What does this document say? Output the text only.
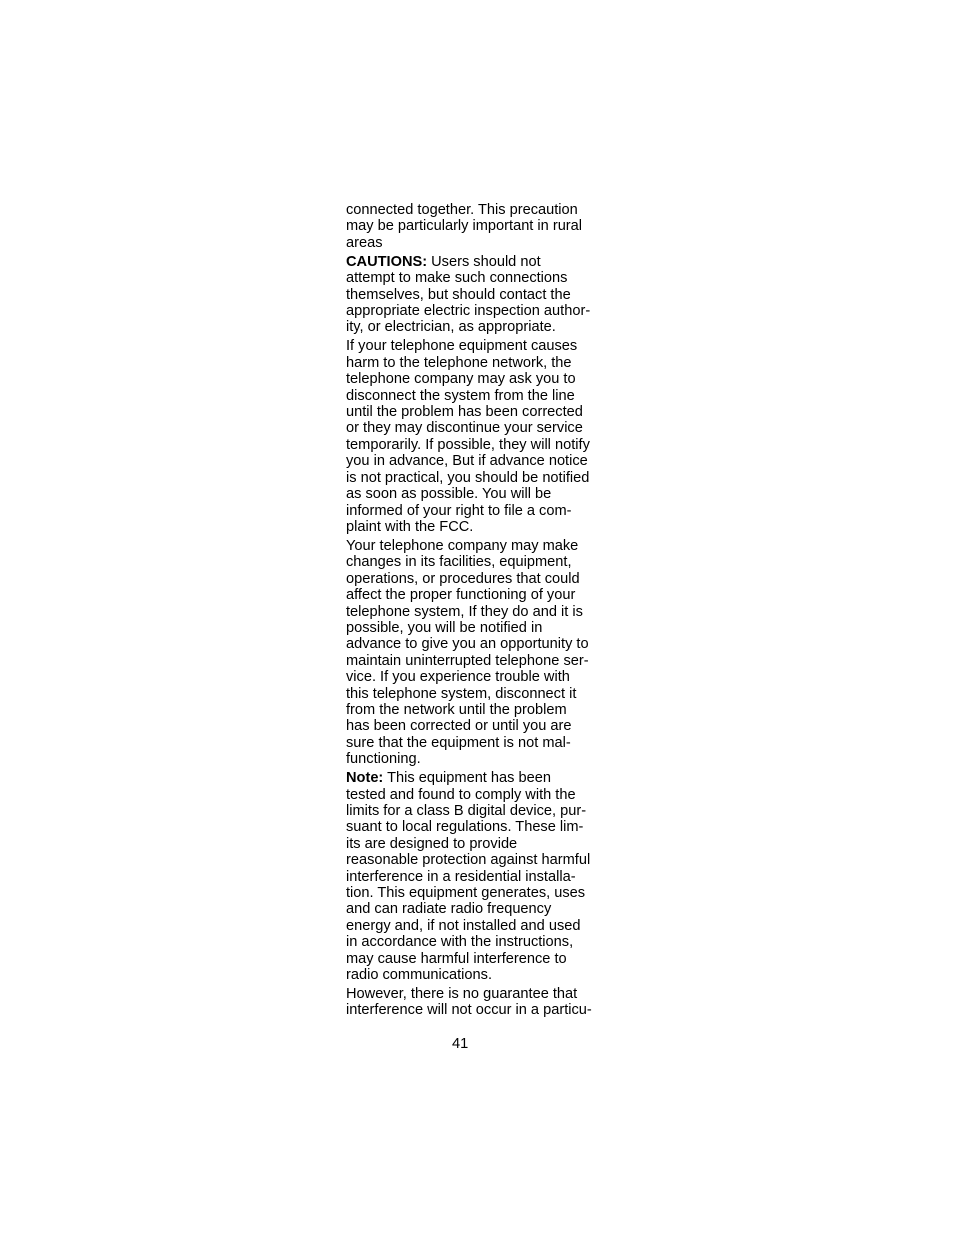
connected together. This precaution
may be particularly important in rural
areas
CAUTIONS: Users should not
attempt to make such connections
themselves, but should contact the
appropriate electric inspection author-
ity, or electrician, as appropriate.
If your telephone equipment causes
harm to the telephone network, the
telephone company may ask you to
disconnect the system from the line
until the problem has been corrected
or they may discontinue your service
temporarily. If possible, they will notify
you in advance, But if advance notice
is not practical, you should be notified
as soon as possible. You will be
informed of your right to file a com-
plaint with the FCC.
Your telephone company may make
changes in its facilities, equipment,
operations, or procedures that could
affect the proper functioning of your
telephone system, If they do and it is
possible, you will be notified in
advance to give you an opportunity to
maintain uninterrupted telephone ser-
vice. If you experience trouble with
this telephone system, disconnect it
from the network until the problem
has been corrected or until you are
sure that the equipment is not mal-
functioning.
Note: This equipment has been
tested and found to comply with the
limits for a class B digital device, pur-
suant to local regulations. These lim-
its are designed to provide
reasonable protection against harmful
interference in a residential installa-
tion. This equipment generates, uses
and can radiate radio frequency
energy and, if not installed and used
in accordance with the instructions,
may cause harmful interference to
radio communications.
However, there is no guarantee that
interference will not occur in a particu-
41
